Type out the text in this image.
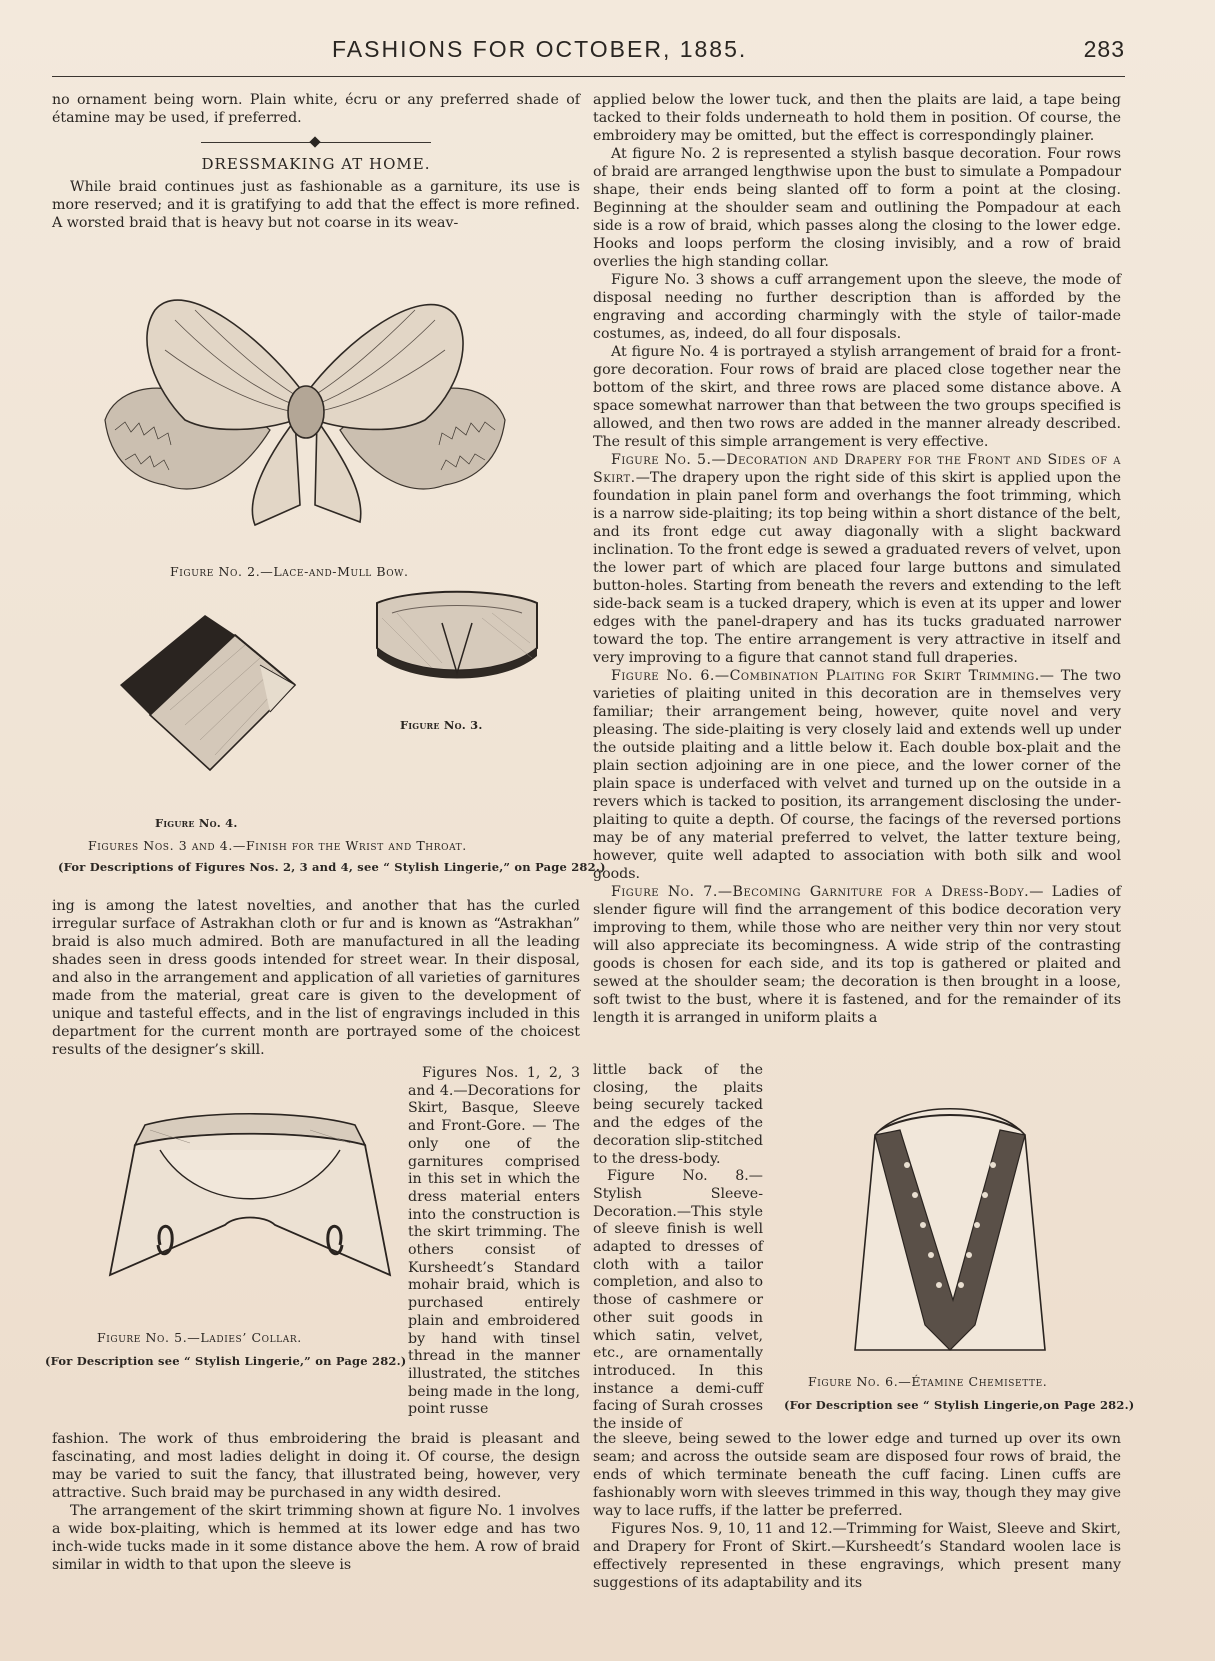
FASHIONS FOR OCTOBER, 1885.	283

no ornament being worn. Plain white, écru or any preferred shade of étamine may be used, if preferred.

DRESSMAKING AT HOME.

While braid continues just as fashionable as a garniture, its use is more reserved; and it is gratifying to add that the effect is more refined. A worsted braid that is heavy but not coarse in its weav-

Figure No. 2.—Lace-and-Mull Bow.
Figure No. 3.
Figure No. 4.
Figures Nos. 3 and 4.—Finish for the Wrist and Throat.
(For Descriptions of Figures Nos. 2, 3 and 4, see “ Stylish Lingerie,” on Page 282.)

ing is among the latest novelties, and another that has the curled irregular surface of Astrakhan cloth or fur and is known as “Astrakhan” braid is also much admired. Both are manufactured in all the leading shades seen in dress goods intended for street wear. In their disposal, and also in the arrangement and application of all varieties of garnitures made from the material, great care is given to the development of unique and tasteful effects, and in the list of engravings included in this department for the current month are portrayed some of the choicest results of the designer’s skill.

Figure No. 5.—Ladies’ Collar.
(For Description see “ Stylish Lingerie,” on Page 282.)

Figures Nos. 1, 2, 3 and 4.—Decorations for Skirt, Basque, Sleeve and Front-Gore. — The only one of the garnitures comprised in this set in which the dress material enters into the construction is the skirt trimming. The others consist of Kursheedt’s Standard mohair braid, which is purchased entirely plain and embroidered by hand with tinsel thread in the manner illustrated, the stitches being made in the long, point russe

fashion. The work of thus embroidering the braid is pleasant and fascinating, and most ladies delight in doing it. Of course, the design may be varied to suit the fancy, that illustrated being, however, very attractive. Such braid may be purchased in any width desired.

The arrangement of the skirt trimming shown at figure No. 1 involves a wide box-plaiting, which is hemmed at its lower edge and has two inch-wide tucks made in it some distance above the hem. A row of braid similar in width to that upon the sleeve is

applied below the lower tuck, and then the plaits are laid, a tape being tacked to their folds underneath to hold them in position. Of course, the embroidery may be omitted, but the effect is correspondingly plainer.

At figure No. 2 is represented a stylish basque decoration. Four rows of braid are arranged lengthwise upon the bust to simulate a Pompadour shape, their ends being slanted off to form a point at the closing. Beginning at the shoulder seam and outlining the Pompadour at each side is a row of braid, which passes along the closing to the lower edge. Hooks and loops perform the closing invisibly, and a row of braid overlies the high standing collar.

Figure No. 3 shows a cuff arrangement upon the sleeve, the mode of disposal needing no further description than is afforded by the engraving and according charmingly with the style of tailor-made costumes, as, indeed, do all four disposals.

At figure No. 4 is portrayed a stylish arrangement of braid for a front-gore decoration. Four rows of braid are placed close together near the bottom of the skirt, and three rows are placed some distance above. A space somewhat narrower than that between the two groups specified is allowed, and then two rows are added in the manner already described. The result of this simple arrangement is very effective.

Figure No. 5.—Decoration and Drapery for the Front and Sides of a Skirt.—The drapery upon the right side of this skirt is applied upon the foundation in plain panel form and overhangs the foot trimming, which is a narrow side-plaiting; its top being within a short distance of the belt, and its front edge cut away diagonally with a slight backward inclination. To the front edge is sewed a graduated revers of velvet, upon the lower part of which are placed four large buttons and simulated button-holes. Starting from beneath the revers and extending to the left side-back seam is a tucked drapery, which is even at its upper and lower edges with the panel-drapery and has its tucks graduated narrower toward the top. The entire arrangement is very attractive in itself and very improving to a figure that cannot stand full draperies.

Figure No. 6.—Combination Plaiting for Skirt Trimming.— The two varieties of plaiting united in this decoration are in themselves very familiar; their arrangement being, however, quite novel and very pleasing. The side-plaiting is very closely laid and extends well up under the outside plaiting and a little below it. Each double box-plait and the plain section adjoining are in one piece, and the lower corner of the plain space is underfaced with velvet and turned up on the outside in a revers which is tacked to position, its arrangement disclosing the under-plaiting to quite a depth. Of course, the facings of the reversed portions may be of any material preferred to velvet, the latter texture being, however, quite well adapted to association with both silk and wool goods.

Figure No. 7.—Becoming Garniture for a Dress-Body.— Ladies of slender figure will find the arrangement of this bodice decoration very improving to them, while those who are neither very thin nor very stout will also appreciate its becomingness. A wide strip of the contrasting goods is chosen for each side, and its top is gathered or plaited and sewed at the shoulder seam; the decoration is then brought in a loose, soft twist to the bust, where it is fastened, and for the remainder of its length it is arranged in uniform plaits a

little back of the closing, the plaits being securely tacked and the edges of the decoration slip-stitched to the dress-body.

Figure No. 8.—Stylish Sleeve-Decoration.—This style of sleeve finish is well adapted to dresses of cloth with a tailor completion, and also to those of cashmere or other suit goods in which satin, velvet, etc., are ornamentally introduced. In this instance a demi-cuff facing of Surah crosses the inside of

Figure No. 6.—Étamine Chemisette.
(For Description see “ Stylish Lingerie,on Page 282.)

the sleeve, being sewed to the lower edge and turned up over its own seam; and across the outside seam are disposed four rows of braid, the ends of which terminate beneath the cuff facing. Linen cuffs are fashionably worn with sleeves trimmed in this way, though they may give way to lace ruffs, if the latter be preferred.

Figures Nos. 9, 10, 11 and 12.—Trimming for Waist, Sleeve and Skirt, and Drapery for Front of Skirt.—Kursheedt’s Standard woolen lace is effectively represented in these engravings, which present many suggestions of its adaptability and its
